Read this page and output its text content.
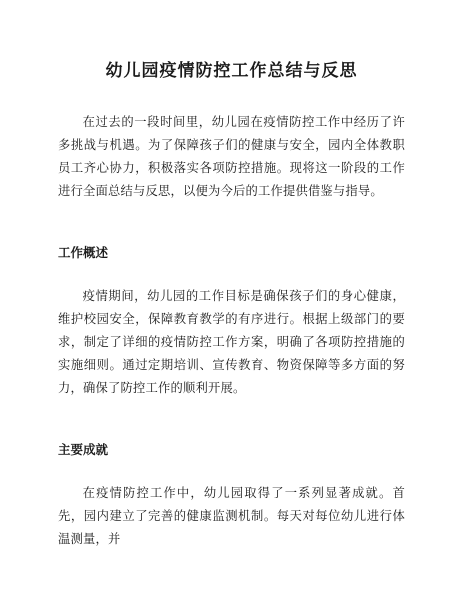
幼儿园疫情防控工作总结与反思

在过去的一段时间里，幼儿园在疫情防控工作中经历了许多挑战与机遇。为了保障孩子们的健康与安全，园内全体教职员工齐心协力，积极落实各项防控措施。现将这一阶段的工作进行全面总结与反思，以便为今后的工作提供借鉴与指导。

工作概述

疫情期间，幼儿园的工作目标是确保孩子们的身心健康，维护校园安全，保障教育教学的有序进行。根据上级部门的要求，制定了详细的疫情防控工作方案，明确了各项防控措施的实施细则。通过定期培训、宣传教育、物资保障等多方面的努力，确保了防控工作的顺利开展。

主要成就

在疫情防控工作中，幼儿园取得了一系列显著成就。首先，园内建立了完善的健康监测机制。每天对每位幼儿进行体温测量，并
